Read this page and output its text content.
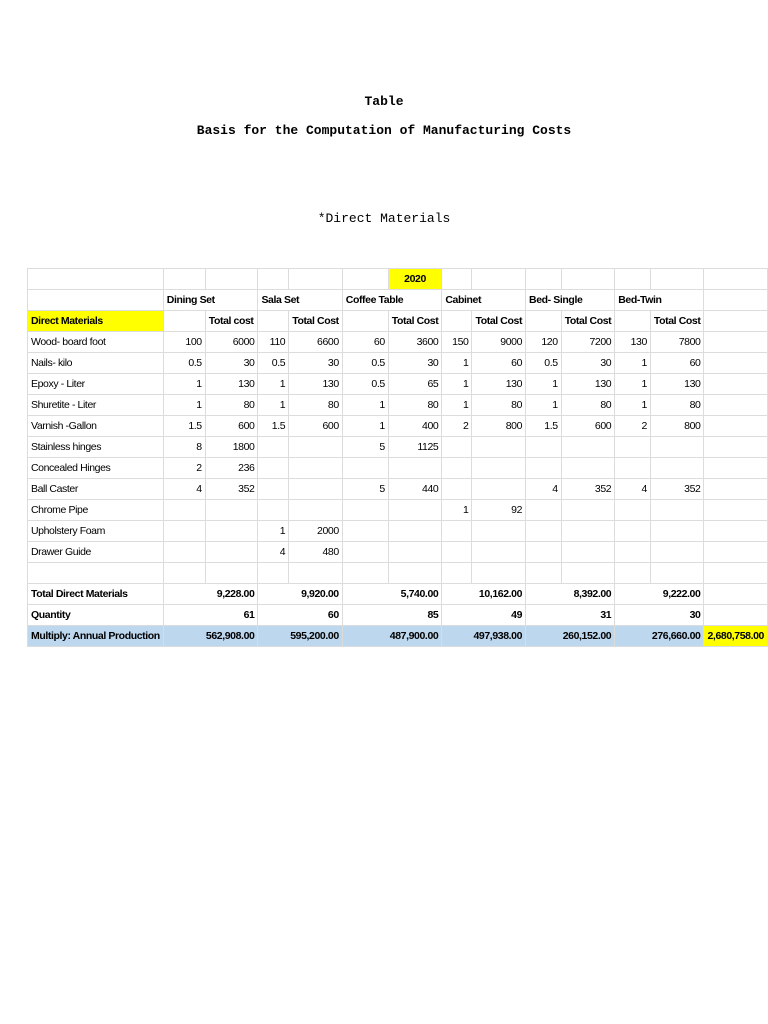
Table
Basis for the Computation of Manufacturing Costs
*Direct Materials
						2020							
	Dining Set		Sala Set		Coffee Table		Cabinet		Bed- Single		Bed-Twin		
Direct Materials		Total cost		Total Cost		Total Cost		Total Cost		Total Cost		Total Cost	
Wood- board foot	100	6000	110	6600	60	3600	150	9000	120	7200	130	7800	
Nails- kilo	0.5	30	0.5	30	0.5	30	1	60	0.5	30	1	60	
Epoxy - Liter	1	130	1	130	0.5	65	1	130	1	130	1	130	
Shuretite - Liter	1	80	1	80	1	80	1	80	1	80	1	80	
Varnish -Gallon	1.5	600	1.5	600	1	400	2	800	1.5	600	2	800	
Stainless hinges	8	1800			5	1125							
Concealed Hinges	2	236											
Ball Caster	4	352			5	440			4	352	4	352	
Chrome Pipe							1	92					
Upholstery Foam			1	2000									
Drawer Guide			4	480									

Total Direct Materials	9,228.00		9,920.00		5,740.00		10,162.00		8,392.00		9,222.00		
Quantity	61		60		85		49		31		30		
Multiply: Annual Production	562,908.00		595,200.00		487,900.00		497,938.00		260,152.00		276,660.00		2,680,758.00
